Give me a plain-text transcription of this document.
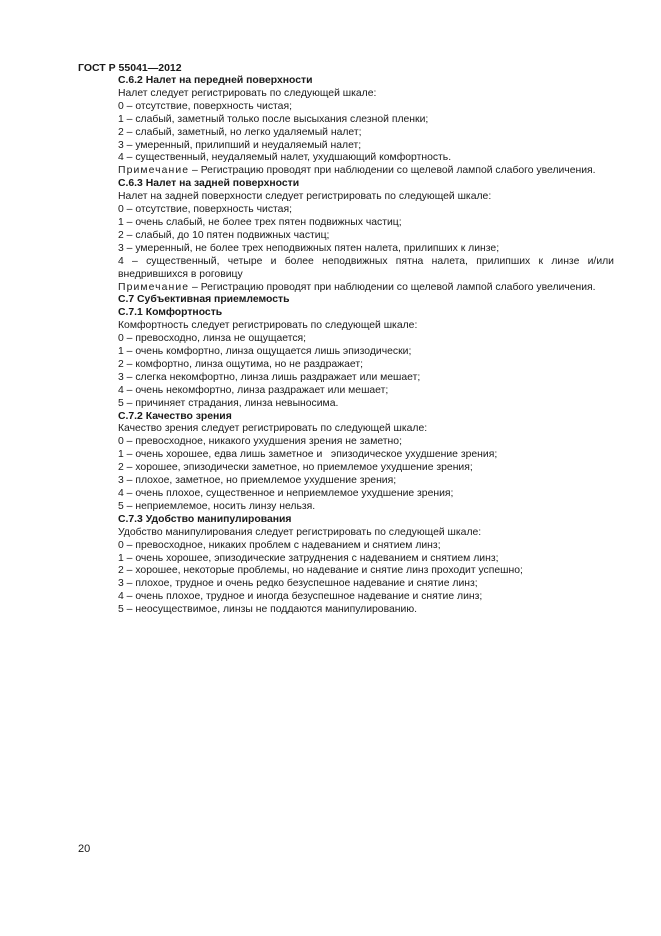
ГОСТ Р 55041—2012

С.6.2 Налет на передней поверхности

Налет следует регистрировать по следующей шкале:

0 – отсутствие, поверхность чистая;

1 – слабый, заметный только после высыхания слезной пленки;

2 – слабый, заметный, но легко удаляемый налет;

3 – умеренный, прилипший и неудаляемый налет;

4 – существенный, неудаляемый налет, ухудшающий комфортность.

Примечание – Регистрацию проводят при наблюдении со щелевой лампой слабого увеличения.

С.6.3 Налет на задней поверхности

Налет на задней поверхности следует регистрировать по следующей шкале:

0 – отсутствие, поверхность чистая;

1 – очень слабый, не более трех пятен подвижных частиц;

2 – слабый, до 10 пятен подвижных частиц;

3 – умеренный, не более трех неподвижных пятен налета, прилипших к линзе;

4 – существенный, четыре и более неподвижных пятна налета, прилипших к линзе и/или внедрившихся в роговицу

Примечание – Регистрацию проводят при наблюдении со щелевой лампой слабого увеличения.

С.7 Субъективная приемлемость

С.7.1 Комфортность

Комфортность следует регистрировать по следующей шкале:

0 – превосходно, линза не ощущается;

1 – очень комфортно, линза ощущается лишь эпизодически;

2 – комфортно, линза ощутима, но не раздражает;

3 – слегка некомфортно, линза лишь раздражает или мешает;

4 – очень некомфортно, линза раздражает или мешает;

5 – причиняет страдания, линза невыносима.

С.7.2 Качество зрения

Качество зрения следует регистрировать по следующей шкале:

0 – превосходное, никакого ухудшения зрения не заметно;

1 – очень хорошее, едва лишь заметное и   эпизодическое ухудшение зрения;

2 – хорошее, эпизодически заметное, но приемлемое ухудшение зрения;

3 – плохое, заметное, но приемлемое ухудшение зрения;

4 – очень плохое, существенное и неприемлемое ухудшение зрения;

5 – неприемлемое, носить линзу нельзя.

С.7.3 Удобство манипулирования

Удобство манипулирования следует регистрировать по следующей шкале:

0 – превосходное, никаких проблем с надеванием и снятием линз;

1 – очень хорошее, эпизодические затруднения с надеванием и снятием линз;

2 – хорошее, некоторые проблемы, но надевание и снятие линз проходит успешно;

3 – плохое, трудное и очень редко безуспешное надевание и снятие линз;

4 – очень плохое, трудное и иногда безуспешное надевание и снятие линз;

5 – неосуществимое, линзы не поддаются манипулированию.

20
